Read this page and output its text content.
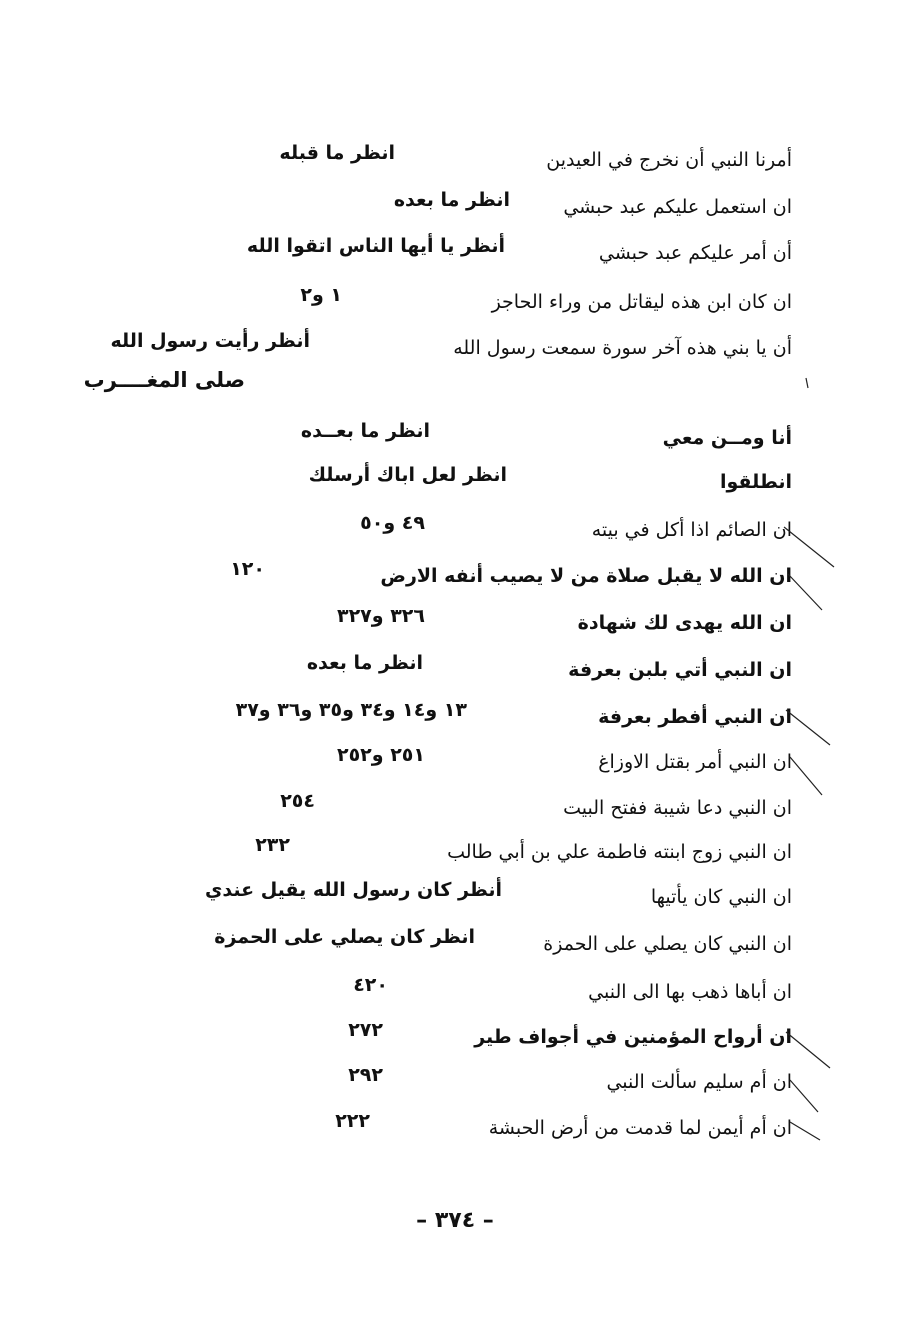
أمرنا النبي أن نخرج في العيدين
انظر ما قبله
ان استعمل عليكم عبد حبشي
انظر ما بعده
أن أمر عليكم عبد حبشي
أنظر يا أيها الناس اتقوا الله
ان كان ابن هذه ليقاتل من وراء الحاجز
١ و٢
أن يا بني هذه آخر سورة سمعت رسول الله
أنظر رأيت رسول الله
صلى المغــــرب
أنا ومــن معي
انظر ما بعــده
انطلقوا
انظر لعل اباك أرسلك
ان الصائم اذا أكل في بيته
٤٩ و٥٠
ان الله لا يقبل صلاة من لا يصيب أنفه الارض
١٢٠
ان الله يهدى لك شهادة
٣٢٦ و٣٢٧
ان النبي أتي بلبن بعرفة
انظر ما بعده
ان النبي أفطر بعرفة
١٣ و١٤ و٣٤ و٣٥ و٣٦ و٣٧
ان النبي أمر بقتل الاوزاغ
٢٥١ و٢٥٢
ان النبي دعا شيبة ففتح البيت
٢٥٤
ان النبي زوج ابنته فاطمة علي بن أبي طالب
٢٣٢
ان النبي كان يأتيها
أنظر كان رسول الله يقيل عندي
ان النبي كان يصلي على الحمزة
انظر كان يصلي على الحمزة
ان أباها ذهب بها الى النبي
٤٢٠
ان أرواح المؤمنين في أجواف طير
٢٧٢
ان أم سليم سألت النبي
٢٩٢
ان أم أيمن لما قدمت من أرض الحبشة
٢٢٢
– ٣٧٤ –
